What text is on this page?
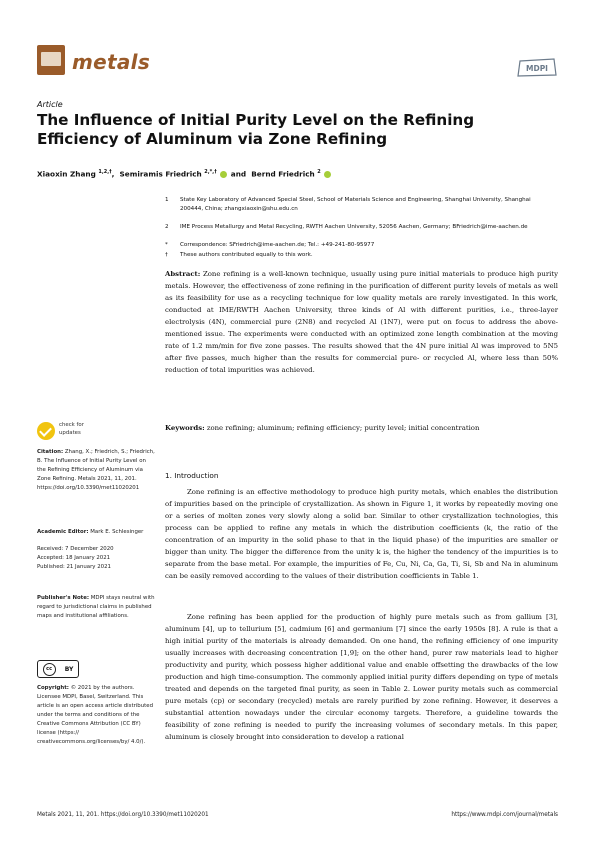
metals	MDPI
Article
The Influence of Initial Purity Level on the Refining Efficiency of Aluminum via Zone Refining
Xiaoxin Zhang $^{1,2,\dagger}$,  Semiramis Friedrich $^{2,*,\dagger}$  and  Bernd Friedrich $^2$
1	State Key Laboratory of Advanced Special Steel, School of Materials Science and Engineering, Shanghai University, Shanghai 200444, China; zhangxiaoxin@shu.edu.cn
2	IME Process Metallurgy and Metal Recycling, RWTH Aachen University, 52056 Aachen, Germany; BFriedrich@ime-aachen.de
*	Correspondence: SFriedrich@ime-aachen.de; Tel.: +49-241-80-95977
†	These authors contributed equally to this work.

Abstract: Zone refining is a well-known technique, usually using pure initial materials to produce high purity metals. However, the effectiveness of zone refining in the purification of different purity levels of metals as well as its feasibility for use as a recycling technique for low quality metals are rarely investigated. In this work, conducted at IME/RWTH Aachen University, three kinds of Al with different purities, i.e., three-layer electrolysis (4N), commercial pure (2N8) and recycled Al (1N7), were put on focus to address the above-mentioned issue. The experiments were conducted with an optimized zone length combination at the moving rate of 1.2 mm/min for five zone passes. The results showed that the 4N pure initial Al was improved to 5N5 after five passes, much higher than the results for commercial pure- or recycled Al, where less than 50% reduction of total impurities was achieved.

Keywords: zone refining; aluminum; refining efficiency; purity level; initial concentration
check for
updates

Citation: Zhang, X.; Friedrich, S.; Friedrich, B. The Influence of Initial Purity Level on the Refining Efficiency of Aluminum via Zone Refining. Metals 2021, 11, 201. https://doi.org/10.3390/met11020201

Academic Editor: Mark E. Schlesinger

Received: 7 December 2020
Accepted: 18 January 2021
Published: 21 January 2021

Publisher's Note: MDPI stays neutral with regard to jurisdictional claims in published maps and institutional affiliations.

cc	BY

Copyright: © 2021 by the authors. Licensee MDPI, Basel, Switzerland. This article is an open access article distributed under the terms and conditions of the Creative Commons Attribution (CC BY) license (https:// creativecommons.org/licenses/by/ 4.0/).

1. Introduction

Zone refining is an effective methodology to produce high purity metals, which enables the distribution of impurities based on the principle of crystallization. As shown in Figure 1, it works by repeatedly moving one or a series of molten zones very slowly along a solid bar. Similar to other crystallization technologies, this process can be applied to refine any metals in which the distribution coefficients (k, the ratio of the concentration of an impurity in the solid phase to that in the liquid phase) of the impurities are smaller or bigger than unity. The bigger the difference from the unity k is, the higher the tendency of the impurities is to separate from the base metal. For example, the impurities of Fe, Cu, Ni, Ca, Ga, Ti, Si, Sb and Na in aluminum can be easily removed according to the values of their distribution coefficients in Table 1.

Zone refining has been applied for the production of highly pure metals such as from gallium [3], aluminum [4], up to tellurium [5], cadmium [6] and germanium [7] since the early 1950s [8]. A rule is that a high initial purity of the materials is already demanded. On one hand, the refining efficiency of one impurity usually increases with decreasing concentration [1,9]; on the other hand, purer raw materials lead to higher productivity and purity, which possess higher additional value and enable offsetting the drawbacks of the low production and high time-consumption. The commonly applied initial purity differs depending on type of metals treated and depends on the targeted final purity, as seen in Table 2. Lower purity metals such as commercial pure metals (cp) or secondary (recycled) metals are rarely purified by zone refining. However, it deserves a substantial attention nowadays under the circular economy targets. Therefore, a guideline towards the feasibility of zone refining is needed to purify the increasing volumes of secondary metals. In this paper, aluminum is closely brought into consideration to develop a rational

Metals 2021, 11, 201. https://doi.org/10.3390/met11020201	https://www.mdpi.com/journal/metals
